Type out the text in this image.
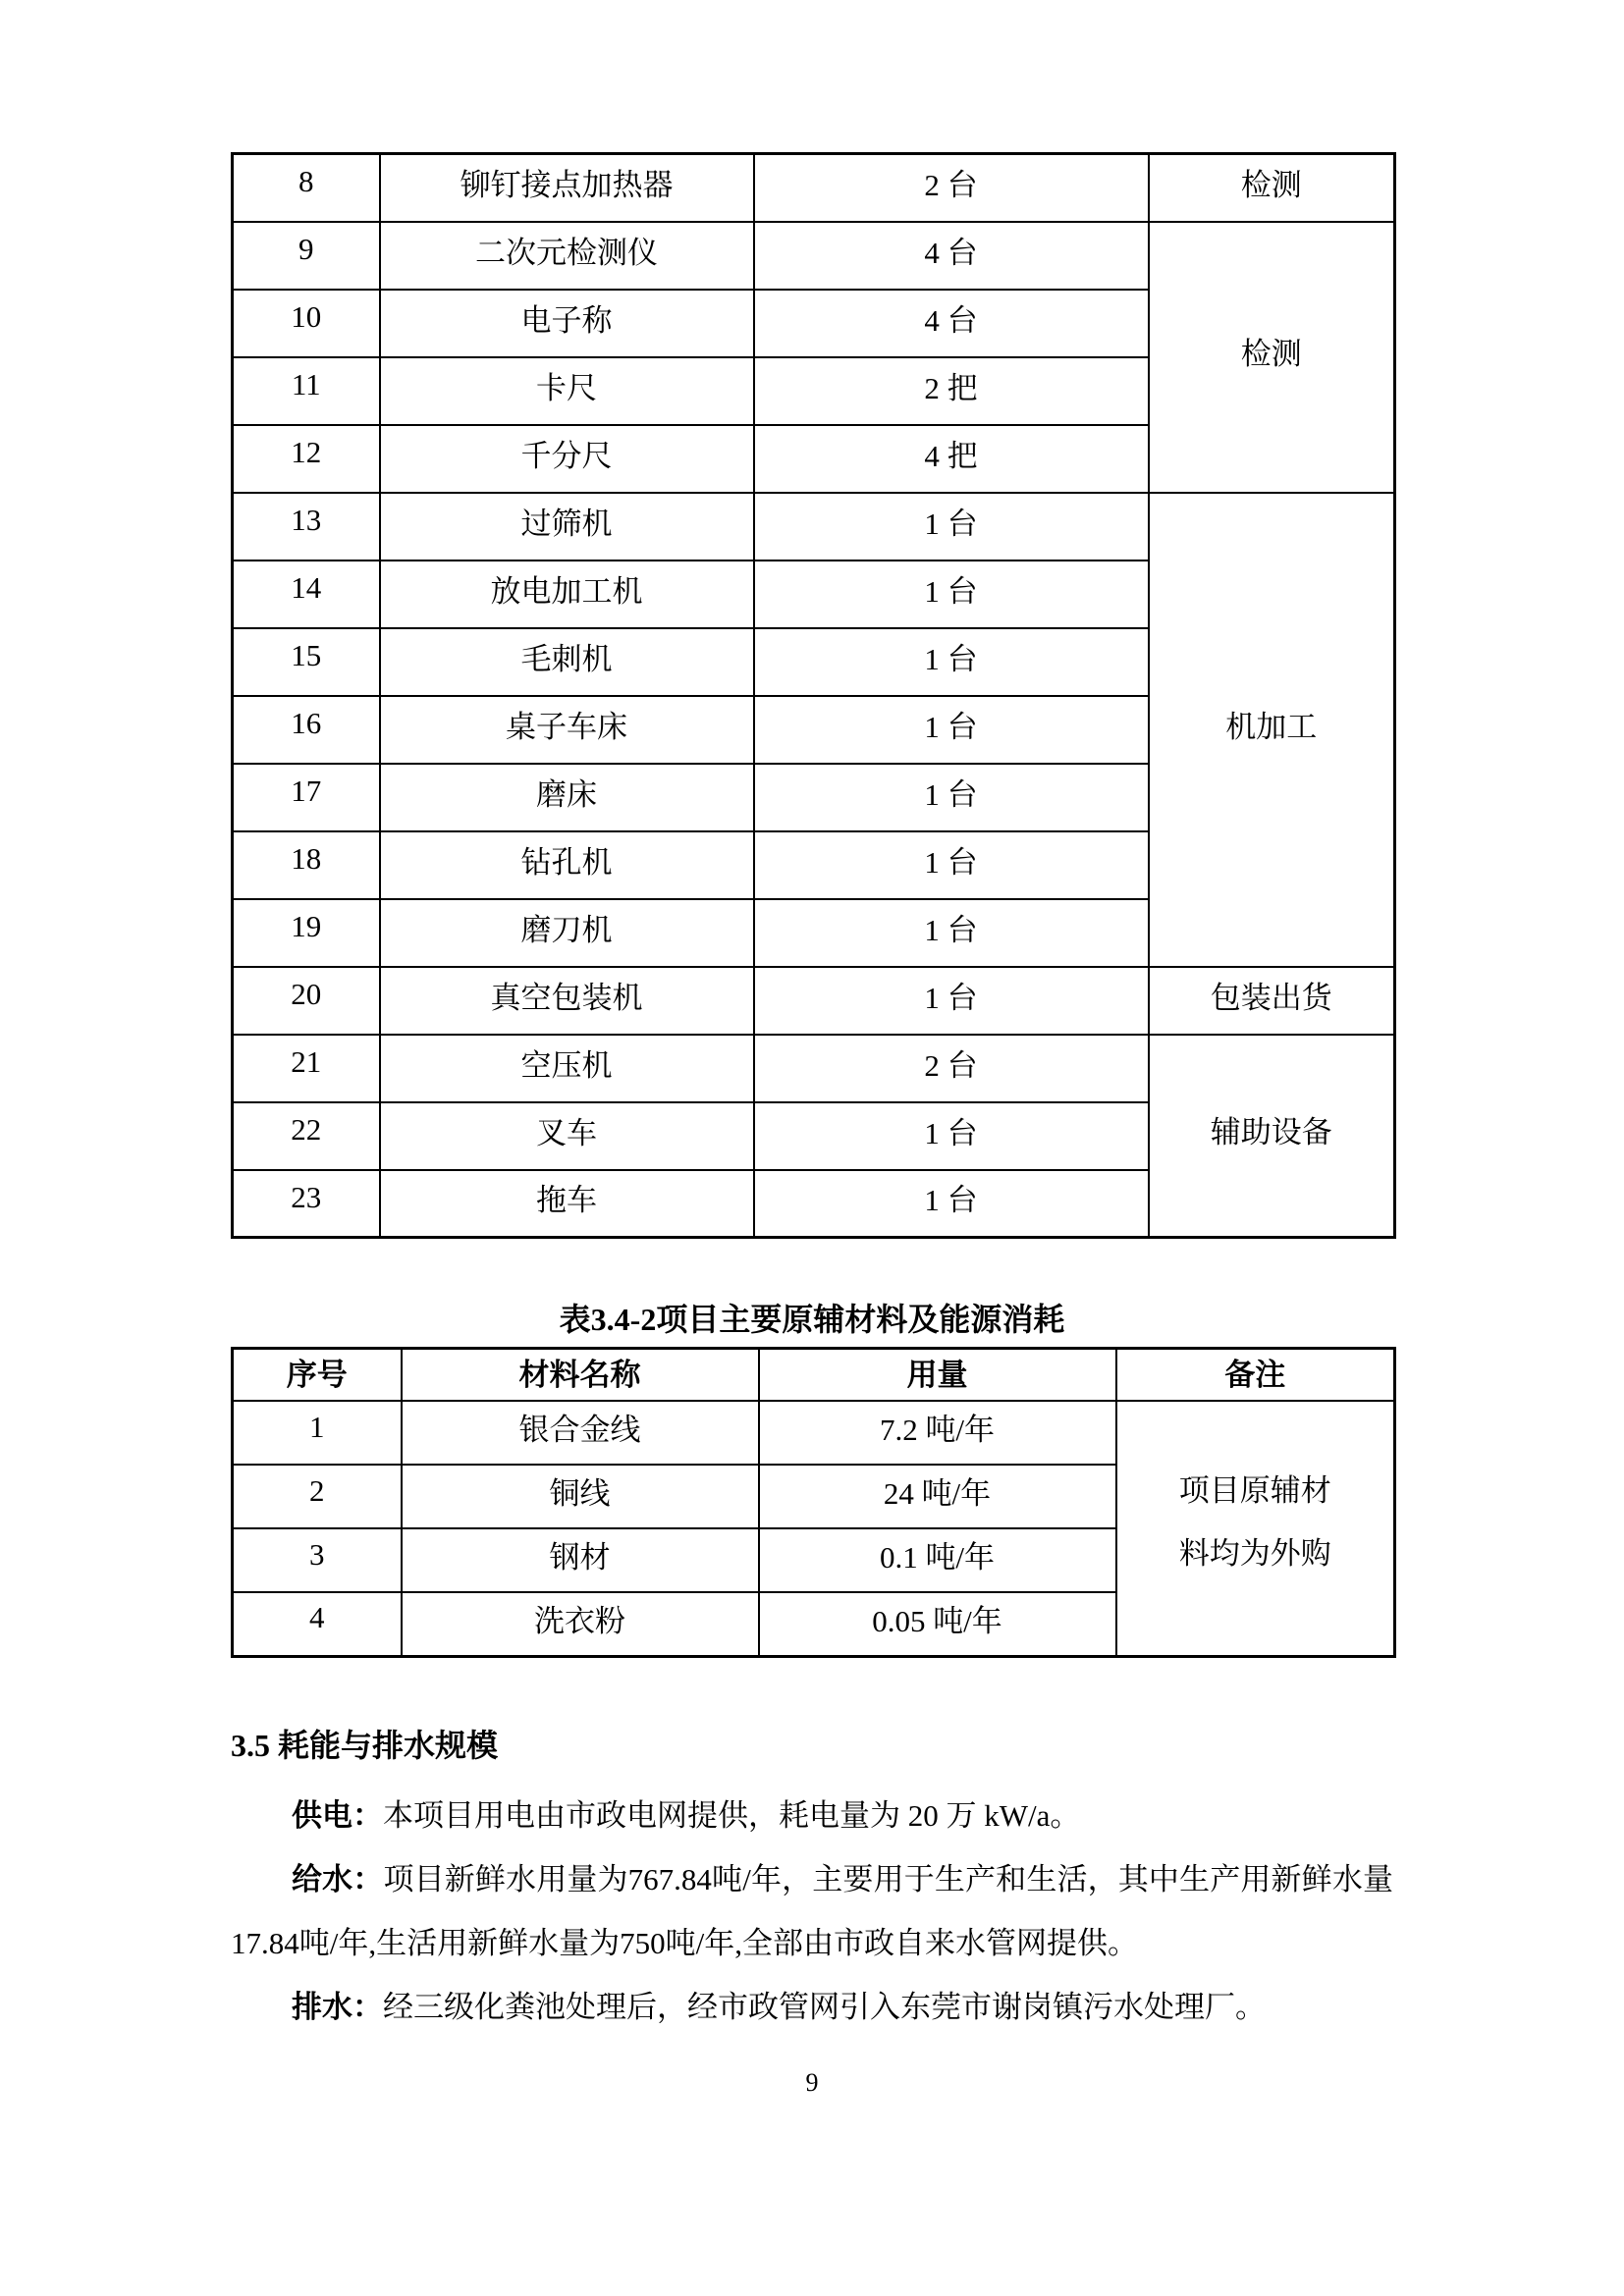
8	铆钉接点加热器	2 台	检测
9	二次元检测仪	4 台	检测
10	电子称	4 台	
11	卡尺	2 把	
12	千分尺	4 把	
13	过筛机	1 台	机加工
14	放电加工机	1 台	
15	毛刺机	1 台	
16	桌子车床	1 台	
17	磨床	1 台	
18	钻孔机	1 台	
19	磨刀机	1 台	
20	真空包装机	1 台	包装出货
21	空压机	2 台	辅助设备
22	叉车	1 台	
23	拖车	1 台	
表3.4-2项目主要原辅材料及能源消耗
序号	材料名称	用量	备注
1	银合金线	7.2 吨/年	项目原辅材料均为外购
2	铜线	24 吨/年	
3	钢材	0.1 吨/年	
4	洗衣粉	0.05 吨/年	
3.5 耗能与排水规模

供电：本项目用电由市政电网提供，耗电量为 20 万 kW/a。

给水：项目新鲜水用量为767.84吨/年，主要用于生产和生活，其中生产用新鲜水量17.84吨/年,生活用新鲜水量为750吨/年,全部由市政自来水管网提供。

排水：经三级化粪池处理后，经市政管网引入东莞市谢岗镇污水处理厂。

9
